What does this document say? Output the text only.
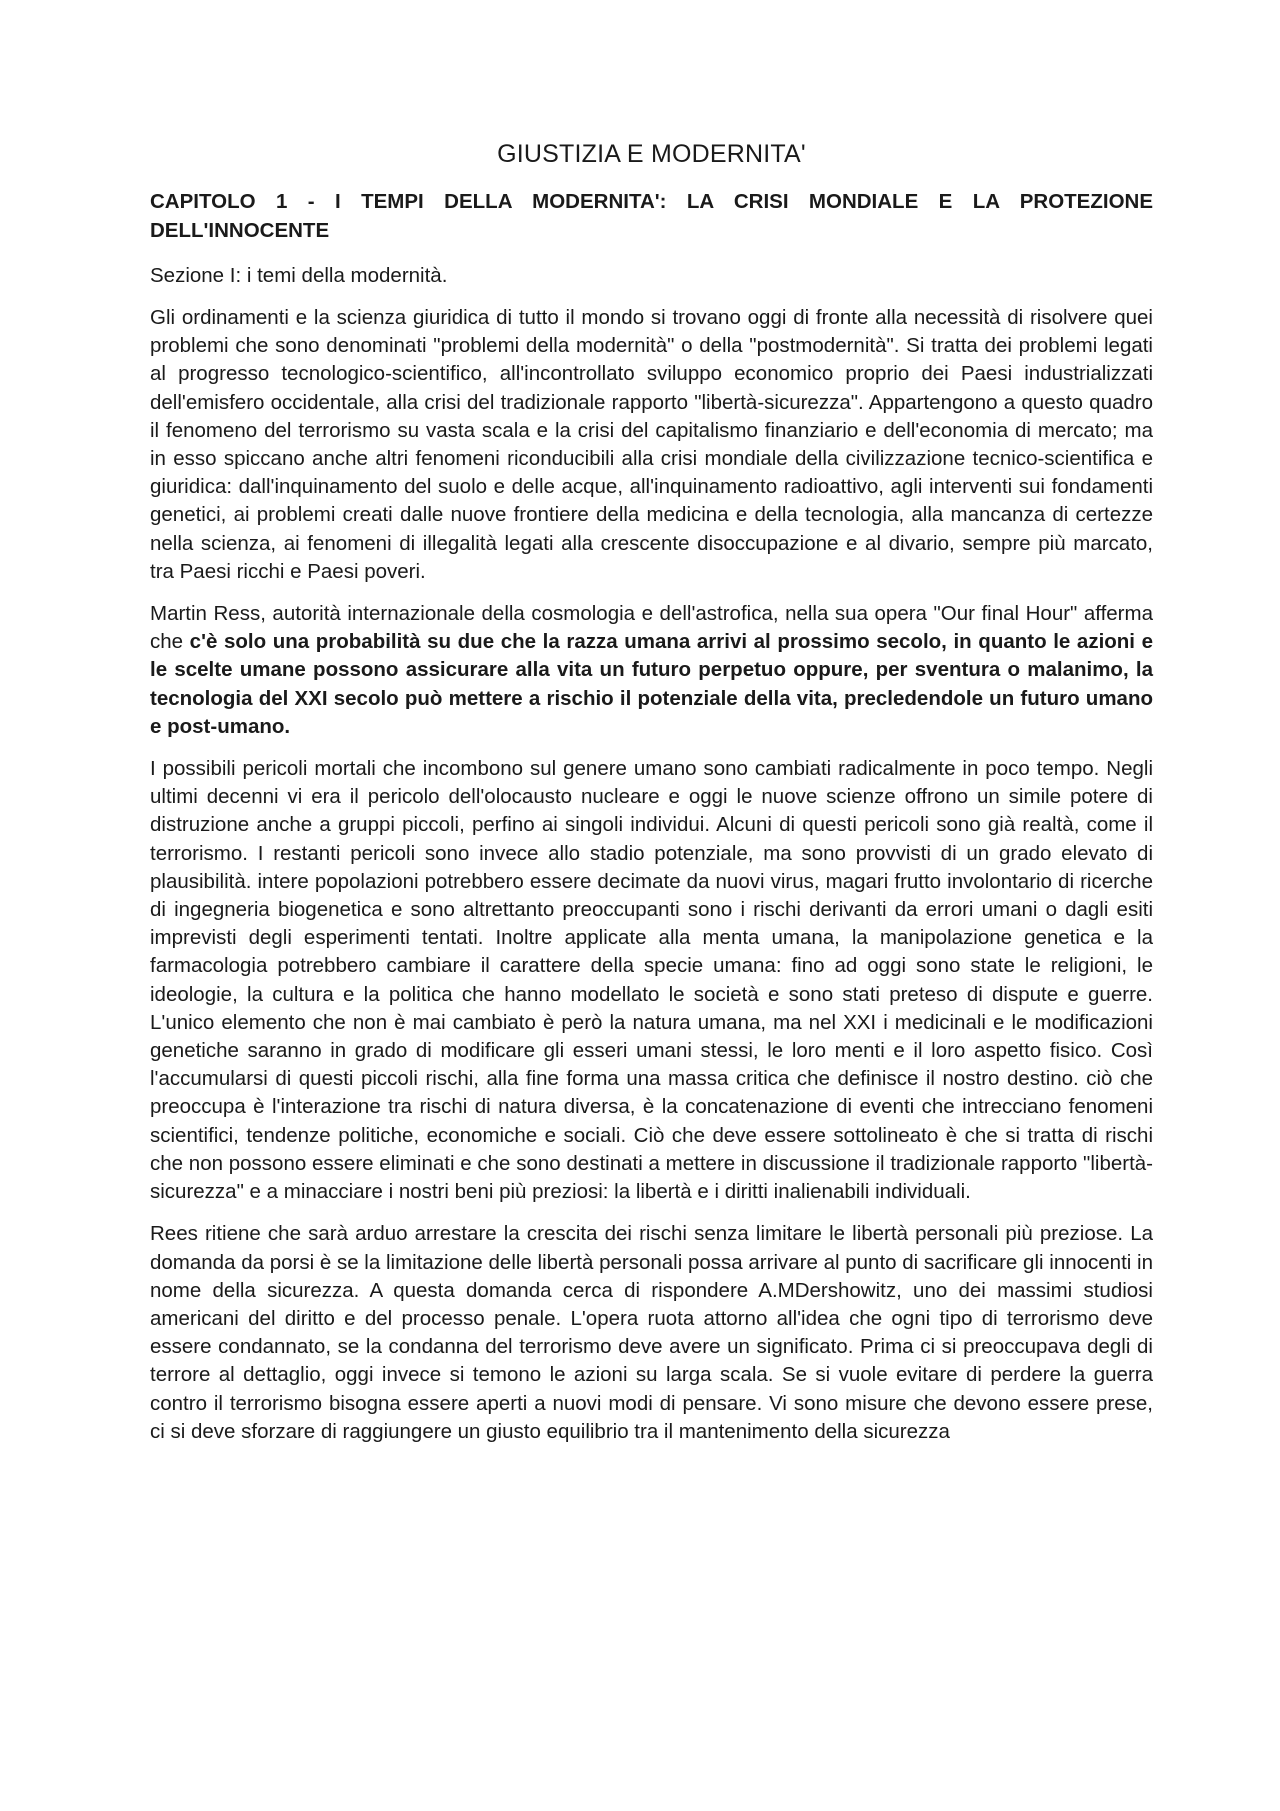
GIUSTIZIA E MODERNITA'
CAPITOLO 1 - I TEMPI DELLA MODERNITA': LA CRISI MONDIALE E LA PROTEZIONE DELL'INNOCENTE
Sezione I: i temi della modernità.

Gli ordinamenti e la scienza giuridica di tutto il mondo si trovano oggi di fronte alla necessità di risolvere quei problemi che sono denominati "problemi della modernità" o della "postmodernità". Si tratta dei problemi legati al progresso tecnologico-scientifico, all'incontrollato sviluppo economico proprio dei Paesi industrializzati dell'emisfero occidentale, alla crisi del tradizionale rapporto "libertà-sicurezza". Appartengono a questo quadro il fenomeno del terrorismo su vasta scala e la crisi del capitalismo finanziario e dell'economia di mercato; ma in esso spiccano anche altri fenomeni riconducibili alla crisi mondiale della civilizzazione tecnico-scientifica e giuridica: dall'inquinamento del suolo e delle acque, all'inquinamento radioattivo, agli interventi sui fondamenti genetici, ai problemi creati dalle nuove frontiere della medicina e della tecnologia, alla mancanza di certezze nella scienza, ai fenomeni di illegalità legati alla crescente disoccupazione e al divario, sempre più marcato, tra Paesi ricchi e Paesi poveri.

Martin Ress, autorità internazionale della cosmologia e dell'astrofica, nella sua opera "Our final Hour" afferma che c'è solo una probabilità su due che la razza umana arrivi al prossimo secolo, in quanto le azioni e le scelte umane possono assicurare alla vita un futuro perpetuo oppure, per sventura o malanimo, la tecnologia del XXI secolo può mettere a rischio il potenziale della vita, precledendole un futuro umano e post-umano.

I possibili pericoli mortali che incombono sul genere umano sono cambiati radicalmente in poco tempo. Negli ultimi decenni vi era il pericolo dell'olocausto nucleare e oggi le nuove scienze offrono un simile potere di distruzione anche a gruppi piccoli, perfino ai singoli individui. Alcuni di questi pericoli sono già realtà, come il terrorismo. I restanti pericoli sono invece allo stadio potenziale, ma sono provvisti di un grado elevato di plausibilità. intere popolazioni potrebbero essere decimate da nuovi virus, magari frutto involontario di ricerche di ingegneria biogenetica e sono altrettanto preoccupanti sono i rischi derivanti da errori umani o dagli esiti imprevisti degli esperimenti tentati. Inoltre applicate alla menta umana, la manipolazione genetica e la farmacologia potrebbero cambiare il carattere della specie umana: fino ad oggi sono state le religioni, le ideologie, la cultura e la politica che hanno modellato le società e sono stati preteso di dispute e guerre. L'unico elemento che non è mai cambiato è però la natura umana, ma nel XXI i medicinali e le modificazioni genetiche saranno in grado di modificare gli esseri umani stessi, le loro menti e il loro aspetto fisico. Così l'accumularsi di questi piccoli rischi, alla fine forma una massa critica che definisce il nostro destino. ciò che preoccupa è l'interazione tra rischi di natura diversa, è la concatenazione di eventi che intrecciano fenomeni scientifici, tendenze politiche, economiche e sociali. Ciò che deve essere sottolineato è che si tratta di rischi che non possono essere eliminati e che sono destinati a mettere in discussione il tradizionale rapporto "libertà-sicurezza" e a minacciare i nostri beni più preziosi: la libertà e i diritti inalienabili individuali.

Rees ritiene che sarà arduo arrestare la crescita dei rischi senza limitare le libertà personali più preziose. La domanda da porsi è se la limitazione delle libertà personali possa arrivare al punto di sacrificare gli innocenti in nome della sicurezza. A questa domanda cerca di rispondere A.MDershowitz, uno dei massimi studiosi americani del diritto e del processo penale. L'opera ruota attorno all'idea che ogni tipo di terrorismo deve essere condannato, se la condanna del terrorismo deve avere un significato. Prima ci si preoccupava degli di terrore al dettaglio, oggi invece si temono le azioni su larga scala. Se si vuole evitare di perdere la guerra contro il terrorismo bisogna essere aperti a nuovi modi di pensare. Vi sono misure che devono essere prese, ci si deve sforzare di raggiungere un giusto equilibrio tra il mantenimento della sicurezza
